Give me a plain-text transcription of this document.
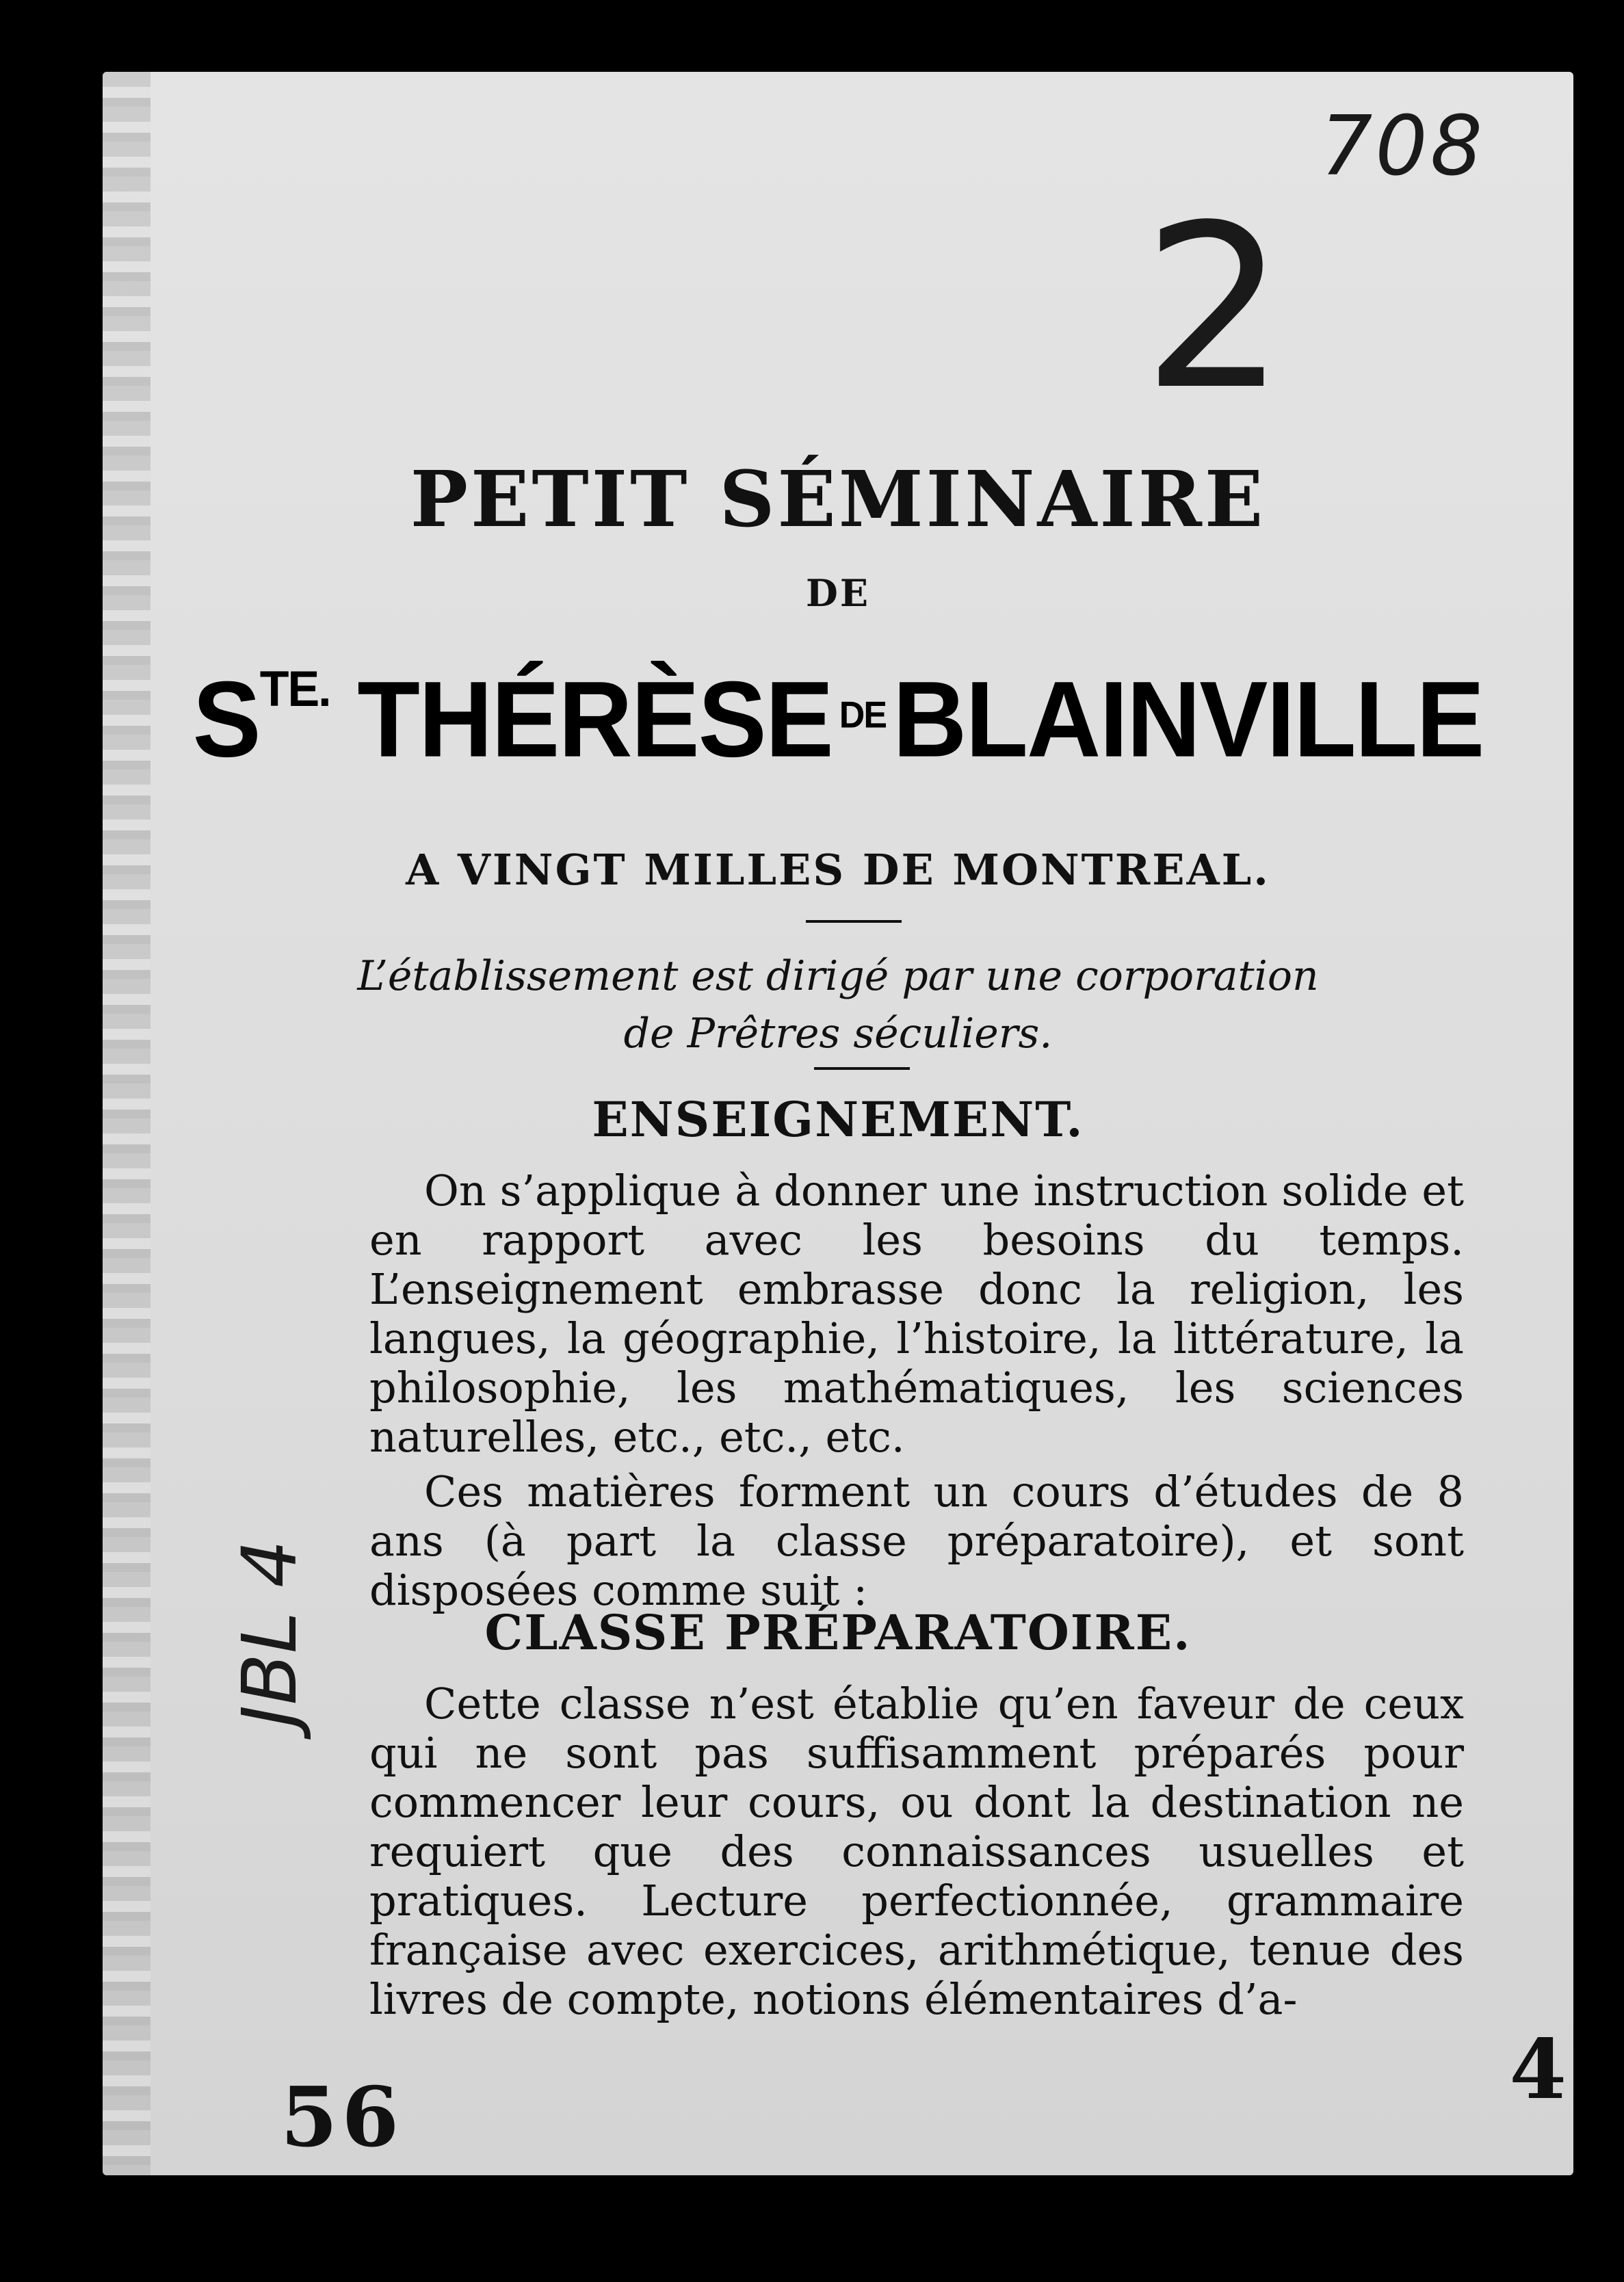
708
2
JBL 4
PETIT SÉMINAIRE
DE
$S^{TE.}$ THÉRÈSE $^{DE}$BLAINVILLE
A VINGT MILLES DE MONTREAL.
L’établissement est dirigé par une corporation
de Prêtres séculiers.
ENSEIGNEMENT.
On s’applique à donner une instruction solide et en rapport avec les besoins du temps. L’enseignement embrasse donc la religion, les langues, la géographie, l’histoire, la littérature, la philosophie, les mathématiques, les sciences naturelles, etc., etc., etc.
Ces matières forment un cours d’études de 8 ans (à part la classe préparatoire), et sont disposées comme suit :
CLASSE PRÉPARATOIRE.
Cette classe n’est établie qu’en faveur de ceux qui ne sont pas suffisamment préparés pour commencer leur cours, ou dont la destination ne requiert que des connaissances usuelles et pratiques. Lecture perfectionnée, grammaire française avec exercices, arithmétique, tenue des livres de compte, notions élémentaires d’a-
56	4
